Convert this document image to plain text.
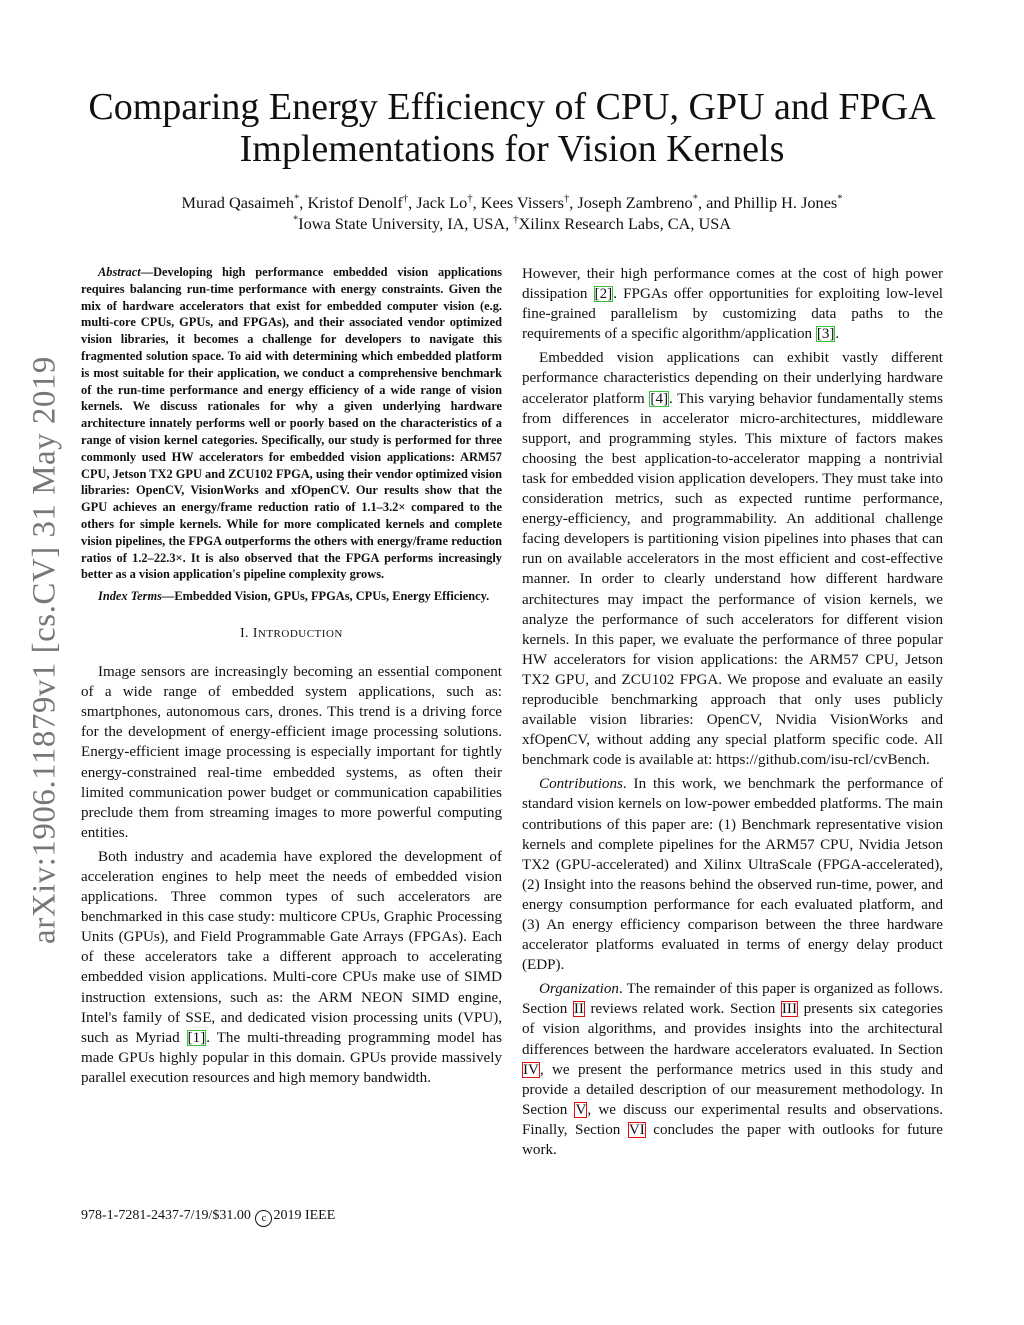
arXiv:1906.11879v1 [cs.CV] 31 May 2019
Comparing Energy Efficiency of CPU, GPU and FPGA
Implementations for Vision Kernels
Murad Qasaimeh*, Kristof Denolf†, Jack Lo†, Kees Vissers†, Joseph Zambreno*, and Phillip H. Jones*
*Iowa State University, IA, USA, †Xilinx Research Labs, CA, USA

Abstract—Developing high performance embedded vision applications requires balancing run-time performance with energy constraints. Given the mix of hardware accelerators that exist for embedded computer vision (e.g. multi-core CPUs, GPUs, and FPGAs), and their associated vendor optimized vision libraries, it becomes a challenge for developers to navigate this fragmented solution space. To aid with determining which embedded platform is most suitable for their application, we conduct a comprehensive benchmark of the run-time performance and energy efficiency of a wide range of vision kernels. We discuss rationales for why a given underlying hardware architecture innately performs well or poorly based on the characteristics of a range of vision kernel categories. Specifically, our study is performed for three commonly used HW accelerators for embedded vision applications: ARM57 CPU, Jetson TX2 GPU and ZCU102 FPGA, using their vendor optimized vision libraries: OpenCV, VisionWorks and xfOpenCV. Our results show that the GPU achieves an energy/frame reduction ratio of 1.1–3.2× compared to the others for simple kernels. While for more complicated kernels and complete vision pipelines, the FPGA outperforms the others with energy/frame reduction ratios of 1.2–22.3×. It is also observed that the FPGA performs increasingly better as a vision application's pipeline complexity grows.

Index Terms—Embedded Vision, GPUs, FPGAs, CPUs, Energy Efficiency.

I. INTRODUCTION

Image sensors are increasingly becoming an essential component of a wide range of embedded system applications, such as: smartphones, autonomous cars, drones. This trend is a driving force for the development of energy-efficient image processing solutions. Energy-efficient image processing is especially important for tightly energy-constrained real-time embedded systems, as often their limited communication power budget or communication capabilities preclude them from streaming images to more powerful computing entities.

Both industry and academia have explored the development of acceleration engines to help meet the needs of embedded vision applications. Three common types of such accelerators are benchmarked in this case study: multicore CPUs, Graphic Processing Units (GPUs), and Field Programmable Gate Arrays (FPGAs). Each of these accelerators take a different approach to accelerating embedded vision applications. Multi-core CPUs make use of SIMD instruction extensions, such as: the ARM NEON SIMD engine, Intel's family of SSE, and dedicated vision processing units (VPU), such as Myriad [1]. The multi-threading programming model has made GPUs highly popular in this domain. GPUs provide massively parallel execution resources and high memory bandwidth.

However, their high performance comes at the cost of high power dissipation [2]. FPGAs offer opportunities for exploiting low-level fine-grained parallelism by customizing data paths to the requirements of a specific algorithm/application [3].

Embedded vision applications can exhibit vastly different performance characteristics depending on their underlying hardware accelerator platform [4]. This varying behavior fundamentally stems from differences in accelerator micro-architectures, middleware support, and programming styles. This mixture of factors makes choosing the best application-to-accelerator mapping a nontrivial task for embedded vision application developers. They must take into consideration metrics, such as expected runtime performance, energy-efficiency, and programmability. An additional challenge facing developers is partitioning vision pipelines into phases that can run on available accelerators in the most efficient and cost-effective manner. In order to clearly understand how different hardware architectures may impact the performance of vision kernels, we analyze the performance of such accelerators for different vision kernels. In this paper, we evaluate the performance of three popular HW accelerators for vision applications: the ARM57 CPU, Jetson TX2 GPU, and ZCU102 FPGA. We propose and evaluate an easily reproducible benchmarking approach that only uses publicly available vision libraries: OpenCV, Nvidia VisionWorks and xfOpenCV, without adding any special platform specific code. All benchmark code is available at: https://github.com/isu-rcl/cvBench.

Contributions. In this work, we benchmark the performance of standard vision kernels on low-power embedded platforms. The main contributions of this paper are: (1) Benchmark representative vision kernels and complete pipelines for the ARM57 CPU, Nvidia Jetson TX2 (GPU-accelerated) and Xilinx UltraScale (FPGA-accelerated), (2) Insight into the reasons behind the observed run-time, power, and energy consumption performance for each evaluated platform, and (3) An energy efficiency comparison between the three hardware accelerator platforms evaluated in terms of energy delay product (EDP).

Organization. The remainder of this paper is organized as follows. Section II reviews related work. Section III presents six categories of vision algorithms, and provides insights into the architectural differences between the hardware accelerators evaluated. In Section IV, we present the performance metrics used in this study and provide a detailed description of our measurement methodology. In Section V, we discuss our experimental results and observations. Finally, Section VI concludes the paper with outlooks for future work.

978-1-7281-2437-7/19/$31.00 c 2019 IEEE
